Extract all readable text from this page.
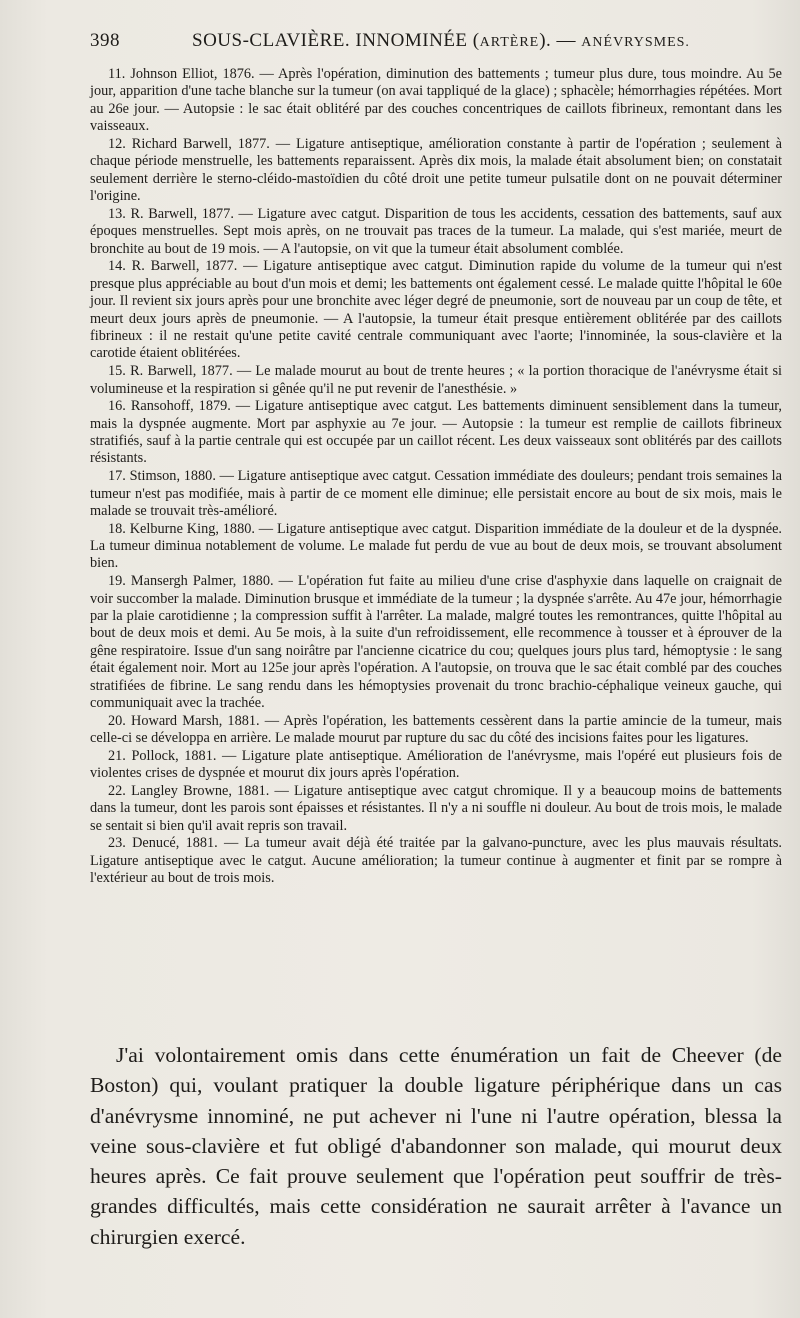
398	SOUS-CLAVIÈRE. INNOMINÉE (ARTÈRE). — ANÉVRYSMES.

11. Johnson Elliot, 1876. — Après l'opération, diminution des battements ; tumeur plus dure, tous moindre. Au 5e jour, apparition d'une tache blanche sur la tumeur (on avai tappliqué de la glace) ; sphacèle; hémorrhagies répétées. Mort au 26e jour. — Autopsie : le sac était oblitéré par des couches concentriques de caillots fibrineux, remontant dans les vaisseaux.

12. Richard Barwell, 1877. — Ligature antiseptique, amélioration constante à partir de l'opération ; seulement à chaque période menstruelle, les battements reparaissent. Après dix mois, la malade était absolument bien; on constatait seulement derrière le sterno-cléido-mastoïdien du côté droit une petite tumeur pulsatile dont on ne pouvait déterminer l'origine.

13. R. Barwell, 1877. — Ligature avec catgut. Disparition de tous les accidents, cessation des battements, sauf aux époques menstruelles. Sept mois après, on ne trouvait pas traces de la tumeur. La malade, qui s'est mariée, meurt de bronchite au bout de 19 mois. — A l'autopsie, on vit que la tumeur était absolument comblée.

14. R. Barwell, 1877. — Ligature antiseptique avec catgut. Diminution rapide du volume de la tumeur qui n'est presque plus appréciable au bout d'un mois et demi; les battements ont également cessé. Le malade quitte l'hôpital le 60e jour. Il revient six jours après pour une bronchite avec léger degré de pneumonie, sort de nouveau par un coup de tête, et meurt deux jours après de pneumonie. — A l'autopsie, la tumeur était presque entièrement oblitérée par des caillots fibrineux : il ne restait qu'une petite cavité centrale communiquant avec l'aorte; l'innominée, la sous-clavière et la carotide étaient oblitérées.

15. R. Barwell, 1877. — Le malade mourut au bout de trente heures ; « la portion thoracique de l'anévrysme était si volumineuse et la respiration si gênée qu'il ne put revenir de l'anesthésie. »

16. Ransohoff, 1879. — Ligature antiseptique avec catgut. Les battements diminuent sensiblement dans la tumeur, mais la dyspnée augmente. Mort par asphyxie au 7e jour. — Autopsie : la tumeur est remplie de caillots fibrineux stratifiés, sauf à la partie centrale qui est occupée par un caillot récent. Les deux vaisseaux sont oblitérés par des caillots résistants.

17. Stimson, 1880. — Ligature antiseptique avec catgut. Cessation immédiate des douleurs; pendant trois semaines la tumeur n'est pas modifiée, mais à partir de ce moment elle diminue; elle persistait encore au bout de six mois, mais le malade se trouvait très-amélioré.

18. Kelburne King, 1880. — Ligature antiseptique avec catgut. Disparition immédiate de la douleur et de la dyspnée. La tumeur diminua notablement de volume. Le malade fut perdu de vue au bout de deux mois, se trouvant absolument bien.

19. Mansergh Palmer, 1880. — L'opération fut faite au milieu d'une crise d'asphyxie dans laquelle on craignait de voir succomber la malade. Diminution brusque et immédiate de la tumeur ; la dyspnée s'arrête. Au 47e jour, hémorrhagie par la plaie carotidienne ; la compression suffit à l'arrêter. La malade, malgré toutes les remontrances, quitte l'hôpital au bout de deux mois et demi. Au 5e mois, à la suite d'un refroidissement, elle recommence à tousser et à éprouver de la gêne respiratoire. Issue d'un sang noirâtre par l'ancienne cicatrice du cou; quelques jours plus tard, hémoptysie : le sang était également noir. Mort au 125e jour après l'opération. A l'autopsie, on trouva que le sac était comblé par des couches stratifiées de fibrine. Le sang rendu dans les hémoptysies provenait du tronc brachio-céphalique veineux gauche, qui communiquait avec la trachée.

20. Howard Marsh, 1881. — Après l'opération, les battements cessèrent dans la partie amincie de la tumeur, mais celle-ci se développa en arrière. Le malade mourut par rupture du sac du côté des incisions faites pour les ligatures.

21. Pollock, 1881. — Ligature plate antiseptique. Amélioration de l'anévrysme, mais l'opéré eut plusieurs fois de violentes crises de dyspnée et mourut dix jours après l'opération.

22. Langley Browne, 1881. — Ligature antiseptique avec catgut chromique. Il y a beaucoup moins de battements dans la tumeur, dont les parois sont épaisses et résistantes. Il n'y a ni souffle ni douleur. Au bout de trois mois, le malade se sentait si bien qu'il avait repris son travail.

23. Denucé, 1881. — La tumeur avait déjà été traitée par la galvano-puncture, avec les plus mauvais résultats. Ligature antiseptique avec le catgut. Aucune amélioration; la tumeur continue à augmenter et finit par se rompre à l'extérieur au bout de trois mois.

J'ai volontairement omis dans cette énumération un fait de Cheever (de Boston) qui, voulant pratiquer la double ligature périphérique dans un cas d'anévrysme innominé, ne put achever ni l'une ni l'autre opération, blessa la veine sous-clavière et fut obligé d'abandonner son malade, qui mourut deux heures après. Ce fait prouve seulement que l'opération peut souffrir de très-grandes difficultés, mais cette considération ne saurait arrêter à l'avance un chirurgien exercé.
